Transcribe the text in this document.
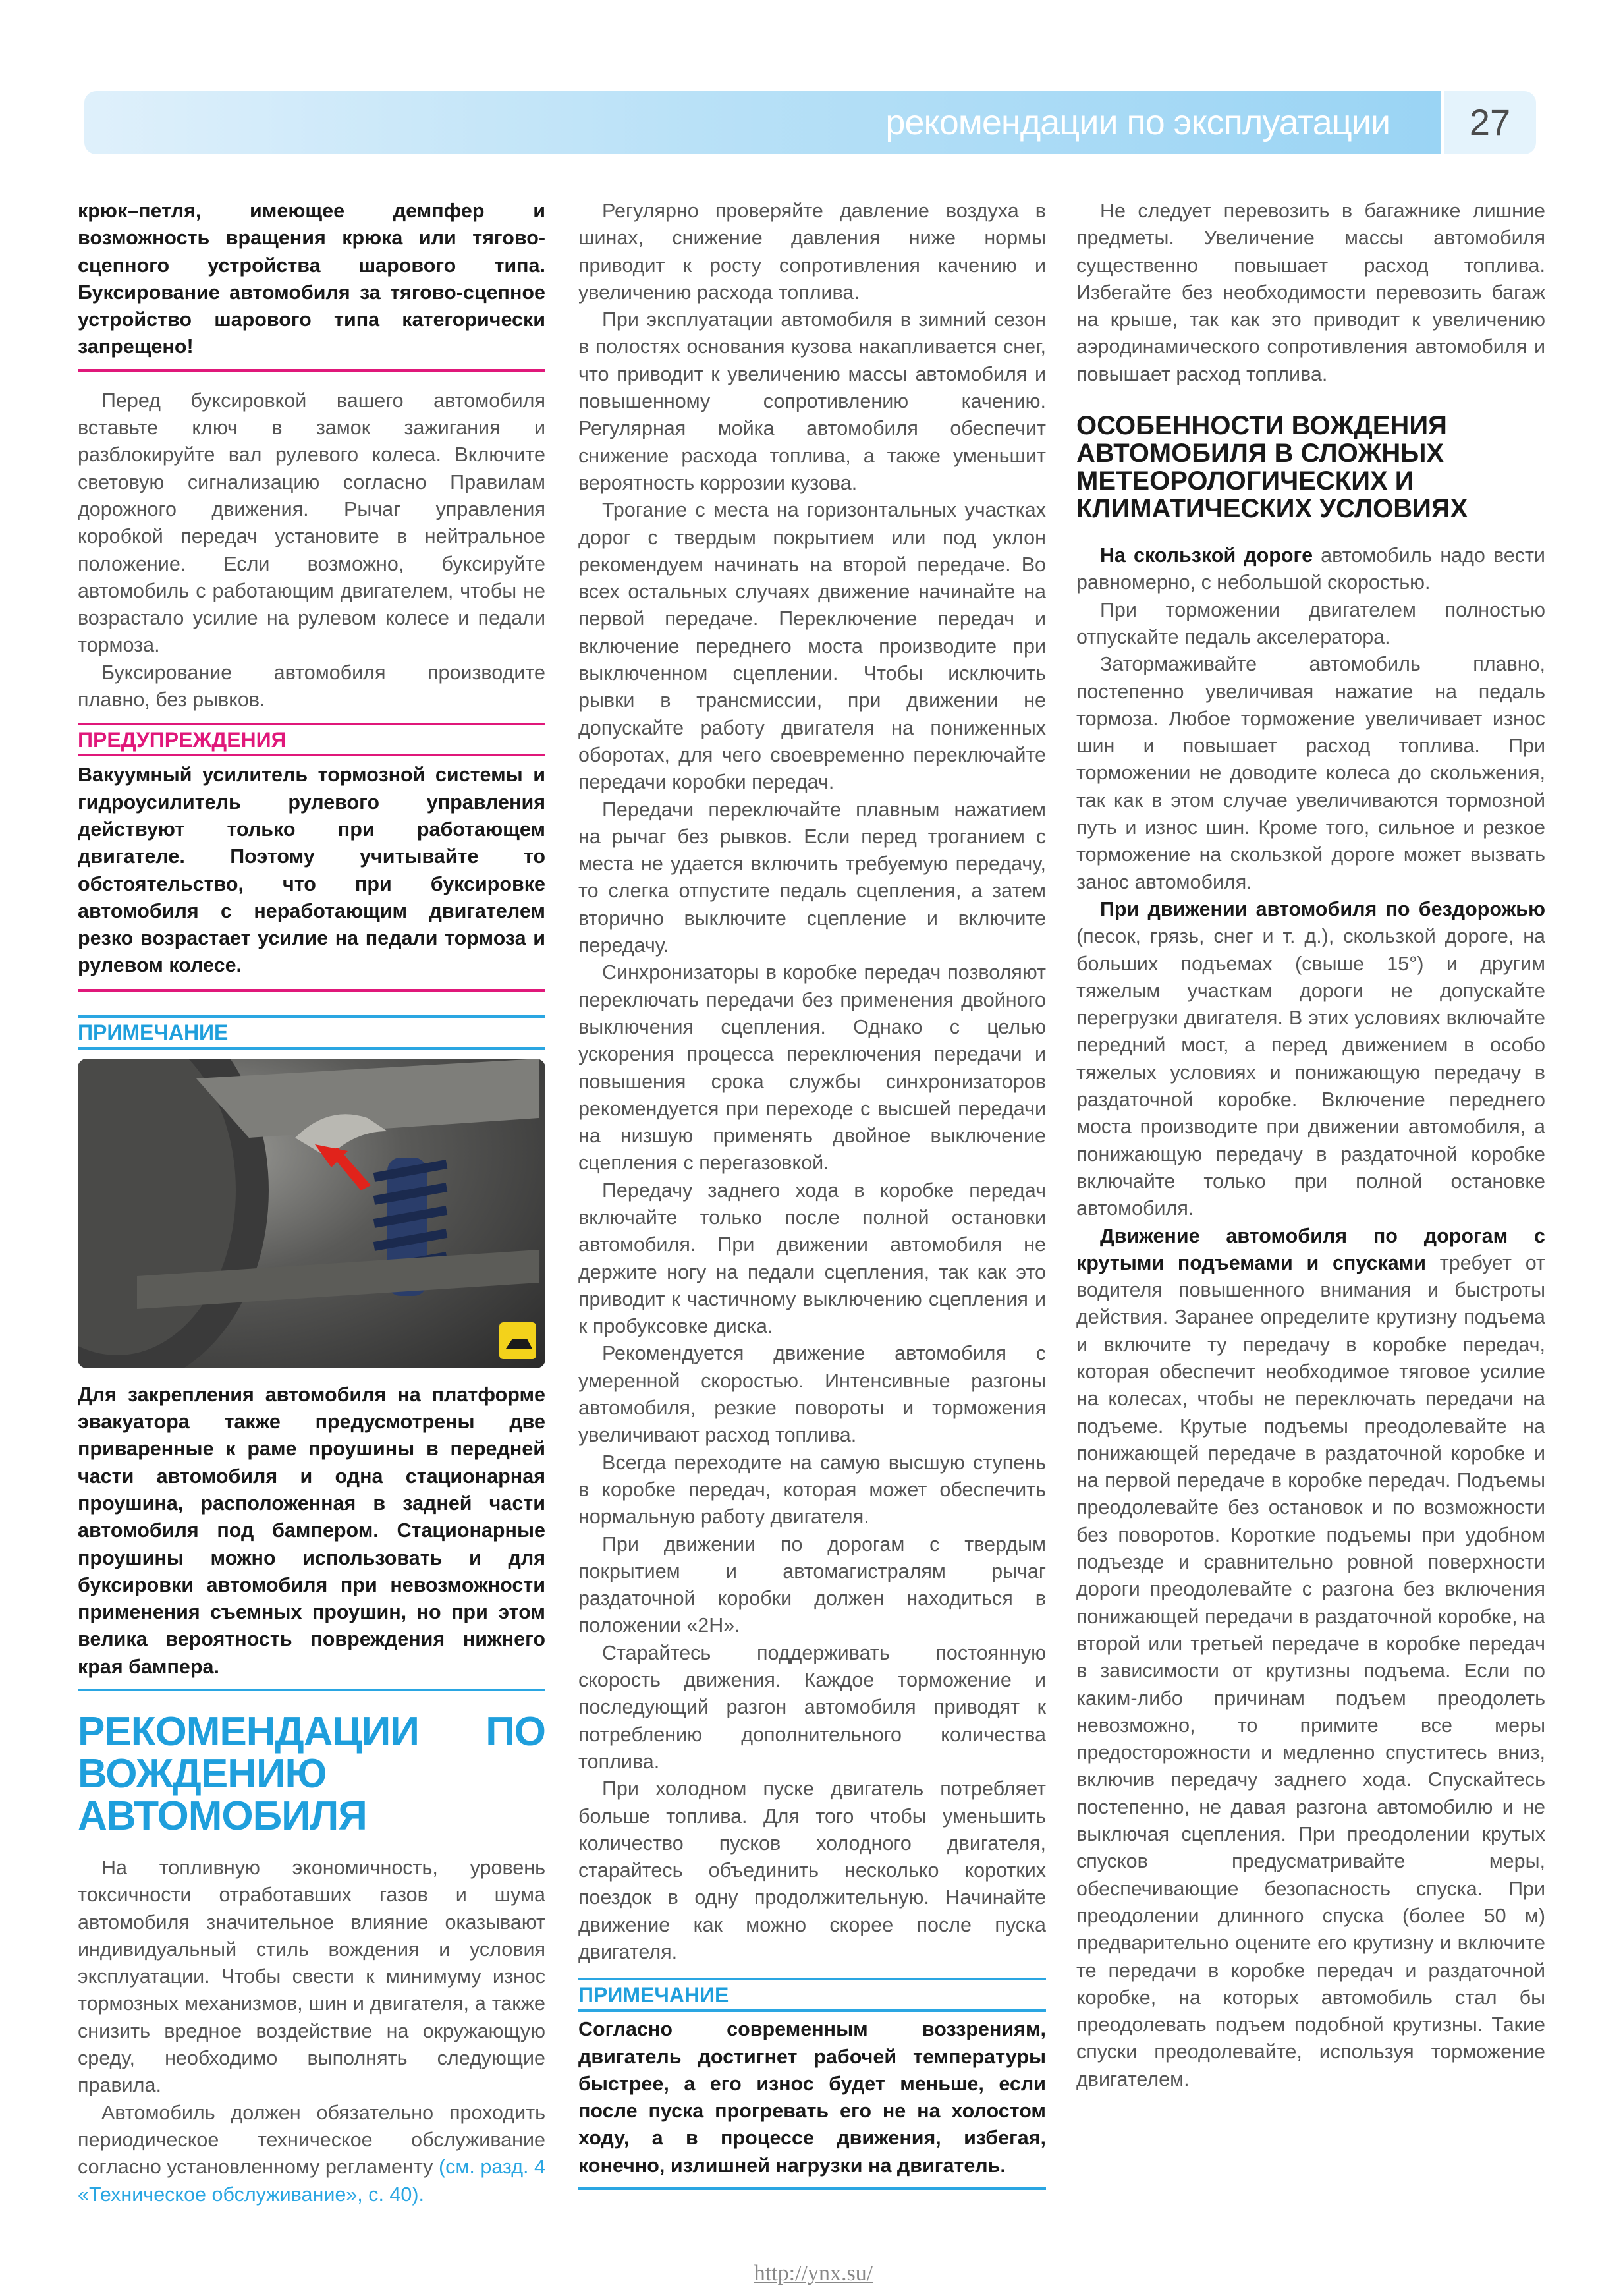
рекомендации по эксплуатации	27

крюк–петля, имеющее демпфер и возможность вращения крюка или тягово-сцепного устройства шарового типа. Буксирование автомобиля за тягово-сцепное устройство шарового типа категорически запрещено!

Перед буксировкой вашего автомобиля вставьте ключ в замок зажигания и разблокируйте вал рулевого колеса. Включите световую сигнализацию согласно Правилам дорожного движения. Рычаг управления коробкой передач установите в нейтральное положение. Если возможно, буксируйте автомобиль с работающим двигателем, чтобы не возрастало усилие на рулевом колесе и педали тормоза.

Буксирование автомобиля производите плавно, без рывков.

ПРЕДУПРЕЖДЕНИЯ

Вакуумный усилитель тормозной системы и гидроусилитель рулевого управления действуют только при работающем двигателе. Поэтому учитывайте то обстоятельство, что при буксировке автомобиля с неработающим двигателем резко возрастает усилие на педали тормоза и рулевом колесе.

ПРИМЕЧАНИЕ

Для закрепления автомобиля на платформе эвакуатора также предусмотрены две приваренные к раме проушины в передней части автомобиля и одна стационарная проушина, расположенная в задней части автомобиля под бампером. Стационарные проушины можно использовать и для буксировки автомобиля при невозможности применения съемных проушин, но при этом велика вероятность повреждения нижнего края бампера.

РЕКОМЕНДАЦИИ ПО ВОЖДЕНИЮ АВТОМОБИЛЯ

На топливную экономичность, уровень токсичности отработавших газов и шума автомобиля значительное влияние оказывают индивидуальный стиль вождения и условия эксплуатации. Чтобы свести к минимуму износ тормозных механизмов, шин и двигателя, а также снизить вредное воздействие на окружающую среду, необходимо выполнять следующие правила.

Автомобиль должен обязательно проходить периодическое техническое обслуживание согласно установленному регламенту (см. разд. 4 «Техническое обслуживание», с. 40).

Регулярно проверяйте давление воздуха в шинах, снижение давления ниже нормы приводит к росту сопротивления качению и увеличению расхода топлива.

При эксплуатации автомобиля в зимний сезон в полостях основания кузова накапливается снег, что приводит к увеличению массы автомобиля и повышенному сопротивлению качению. Регулярная мойка автомобиля обеспечит снижение расхода топлива, а также уменьшит вероятность коррозии кузова.

Трогание с места на горизонтальных участках дорог с твердым покрытием или под уклон рекомендуем начинать на второй передаче. Во всех остальных случаях движение начинайте на первой передаче. Переключение передач и включение переднего моста производите при выключенном сцеплении. Чтобы исключить рывки в трансмиссии, при движении не допускайте работу двигателя на пониженных оборотах, для чего своевременно переключайте передачи коробки передач.

Передачи переключайте плавным нажатием на рычаг без рывков. Если перед троганием с места не удается включить требуемую передачу, то слегка отпустите педаль сцепления, а затем вторично выключите сцепление и включите передачу.

Синхронизаторы в коробке передач позволяют переключать передачи без применения двойного выключения сцепления. Однако с целью ускорения процесса переключения передачи и повышения срока службы синхронизаторов рекомендуется при переходе с высшей передачи на низшую применять двойное выключение сцепления с перегазовкой.

Передачу заднего хода в коробке передач включайте только после полной остановки автомобиля. При движении автомобиля не держите ногу на педали сцепления, так как это приводит к частичному выключению сцепления и к пробуксовке диска.

Рекомендуется движение автомобиля с умеренной скоростью. Интенсивные разгоны автомобиля, резкие повороты и торможения увеличивают расход топлива.

Всегда переходите на самую высшую ступень в коробке передач, которая может обеспечить нормальную работу двигателя.

При движении по дорогам с твердым покрытием и автомагистралям рычаг раздаточной коробки должен находиться в положении «2Н».

Старайтесь поддерживать постоянную скорость движения. Каждое торможение и последующий разгон автомобиля приводят к потреблению дополнительного количества топлива.

При холодном пуске двигатель потребляет больше топлива. Для того чтобы уменьшить количество пусков холодного двигателя, старайтесь объединить несколько коротких поездок в одну продолжительную. Начинайте движение как можно скорее после пуска двигателя.

ПРИМЕЧАНИЕ

Согласно современным воззрениям, двигатель достигнет рабочей температуры быстрее, а его износ будет меньше, если после пуска прогревать его не на холостом ходу, а в процессе движения, избегая, конечно, излишней нагрузки на двигатель.

Не следует перевозить в багажнике лишние предметы. Увеличение массы автомобиля существенно повышает расход топлива. Избегайте без необходимости перевозить багаж на крыше, так как это приводит к увеличению аэродинамического сопротивления автомобиля и повышает расход топлива.

ОСОБЕННОСТИ ВОЖДЕНИЯ АВТОМОБИЛЯ В СЛОЖНЫХ МЕТЕОРОЛОГИЧЕСКИХ И КЛИМАТИЧЕСКИХ УСЛОВИЯХ

На скользкой дороге автомобиль надо вести равномерно, с небольшой скоростью.

При торможении двигателем полностью отпускайте педаль акселератора.

Затормаживайте автомобиль плавно, постепенно увеличивая нажатие на педаль тормоза. Любое торможение увеличивает износ шин и повышает расход топлива. При торможении не доводите колеса до скольжения, так как в этом случае увеличиваются тормозной путь и износ шин. Кроме того, сильное и резкое торможение на скользкой дороге может вызвать занос автомобиля.

При движении автомобиля по бездорожью (песок, грязь, снег и т. д.), скользкой дороге, на больших подъемах (свыше 15°) и другим тяжелым участкам дороги не допускайте перегрузки двигателя. В этих условиях включайте передний мост, а перед движением в особо тяжелых условиях и понижающую передачу в раздаточной коробке. Включение переднего моста производите при движении автомобиля, а понижающую передачу в раздаточной коробке включайте только при полной остановке автомобиля.

Движение автомобиля по дорогам с крутыми подъемами и спусками требует от водителя повышенного внимания и быстроты действия. Заранее определите крутизну подъема и включите ту передачу в коробке передач, которая обеспечит необходимое тяговое усилие на колесах, чтобы не переключать передачи на подъеме. Крутые подъемы преодолевайте на понижающей передаче в раздаточной коробке и на первой передаче в коробке передач. Подъемы преодолевайте без остановок и по возможности без поворотов. Короткие подъемы при удобном подъезде и сравнительно ровной поверхности дороги преодолевайте с разгона без включения понижающей передачи в раздаточной коробке, на второй или третьей передаче в коробке передач в зависимости от крутизны подъема. Если по каким-либо причинам подъем преодолеть невозможно, то примите все меры предосторожности и медленно спуститесь вниз, включив передачу заднего хода. Спускайтесь постепенно, не давая разгона автомобилю и не выключая сцепления. При преодолении крутых спусков предусматривайте меры, обеспечивающие безопасность спуска. При преодолении длинного спуска (более 50 м) предварительно оцените его крутизну и включите те передачи в коробке передач и раздаточной коробке, на которых автомобиль стал бы преодолевать подъем подобной крутизны. Такие спуски преодолевайте, используя торможение двигателем.

http://ynx.su/
